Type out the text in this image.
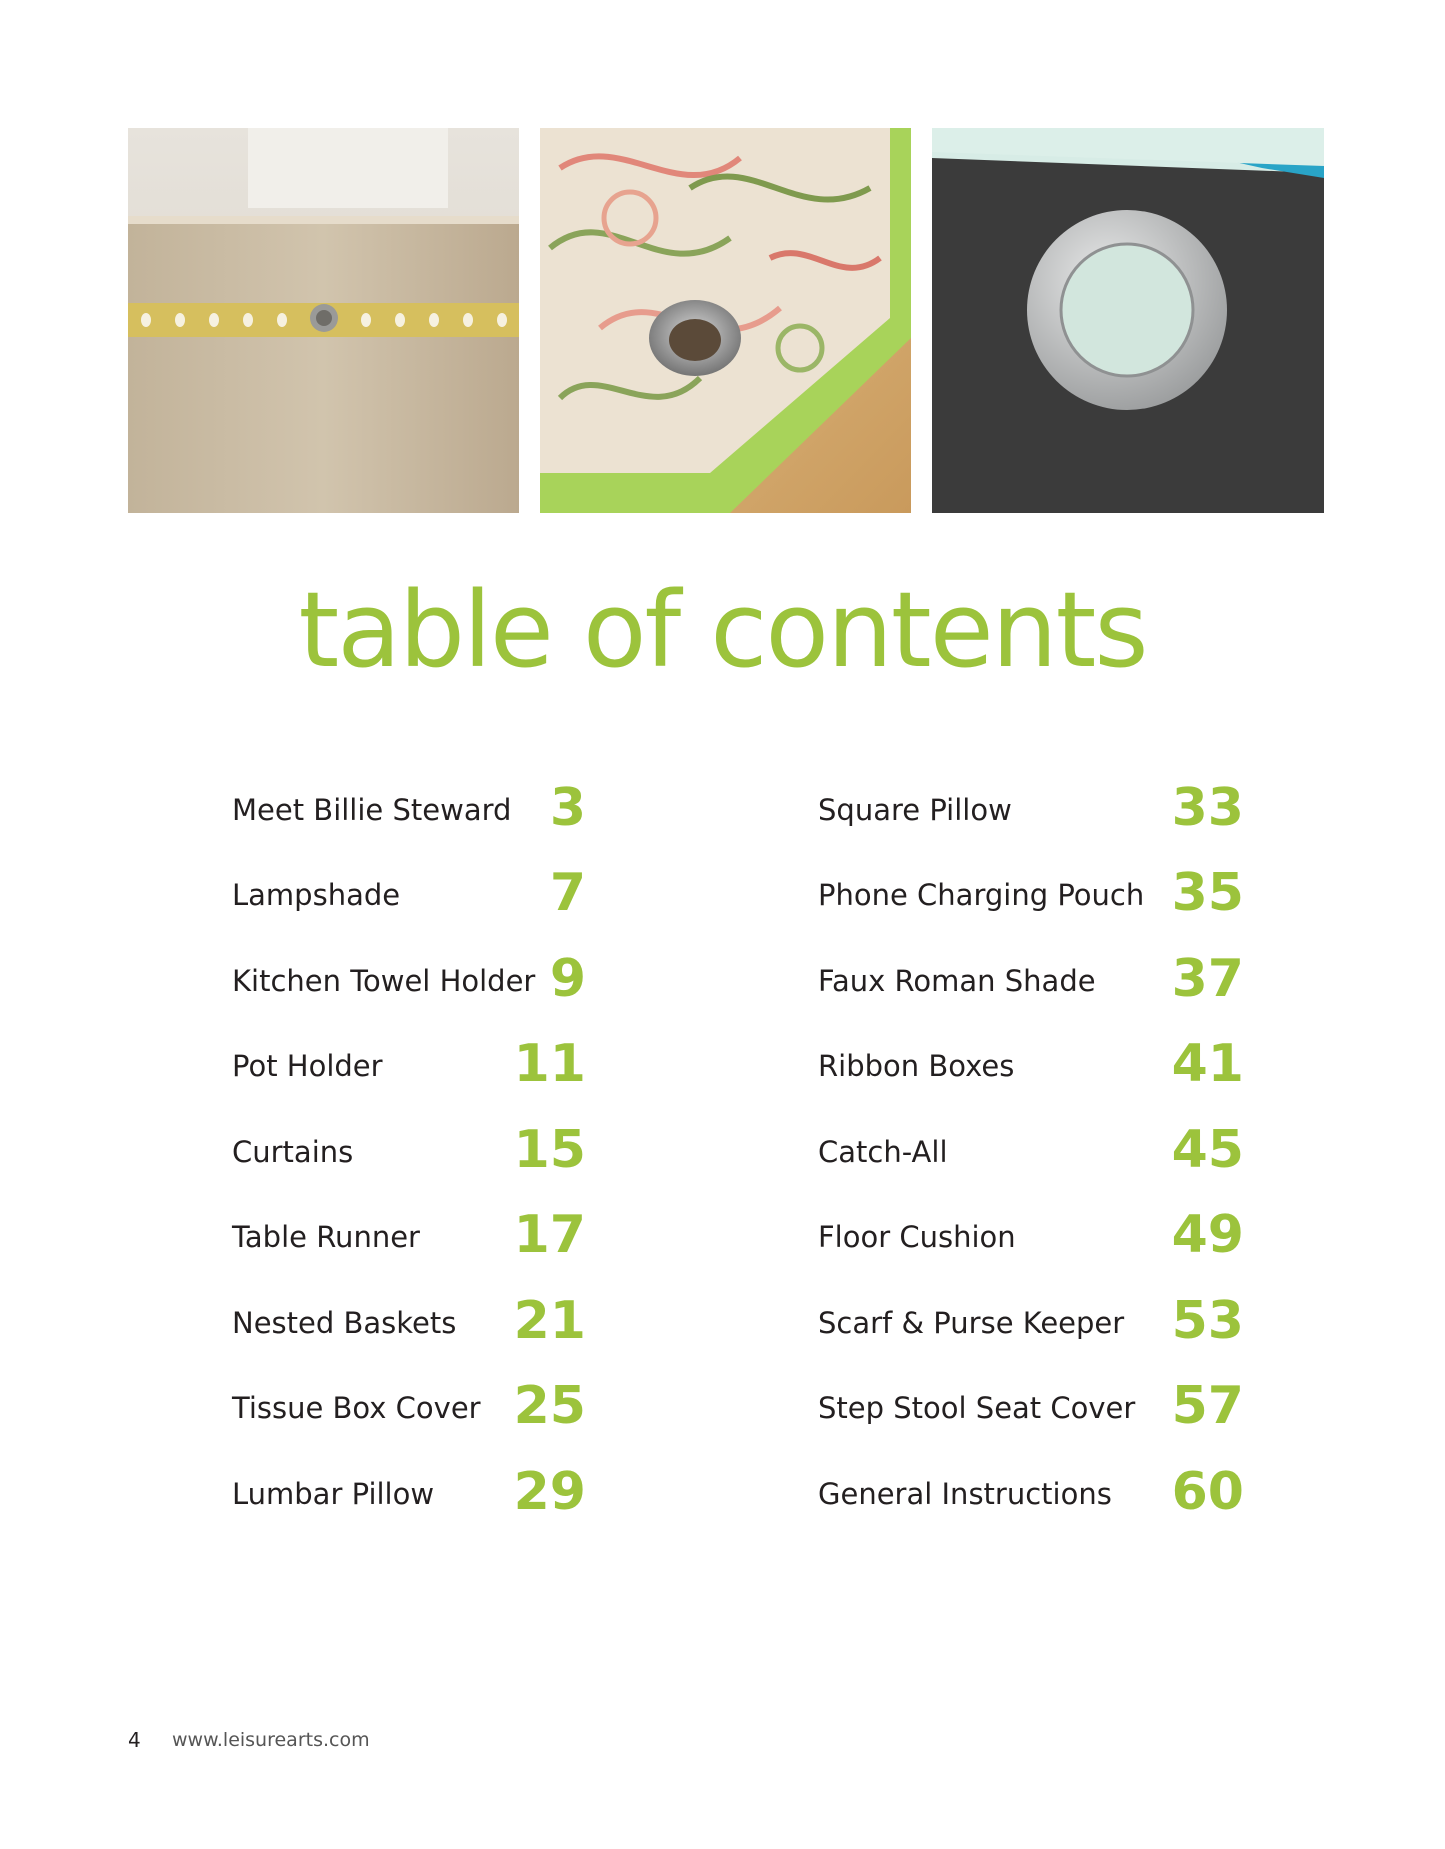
table of contents
Meet Billie Steward 3
Lampshade	7
Kitchen Towel Holder 9
Pot Holder	11
Curtains	15
Table Runner 17
Nested Baskets 21
Tissue Box Cover 25
Lumbar Pillow 29
Square Pillow	33
Phone Charging Pouch 35
Faux Roman Shade 37
Ribbon Boxes	41
Catch-All	45
Floor Cushion	49
Scarf & Purse Keeper 53
Step Stool Seat Cover 57
General Instructions 60
4 www.leisurearts.com
